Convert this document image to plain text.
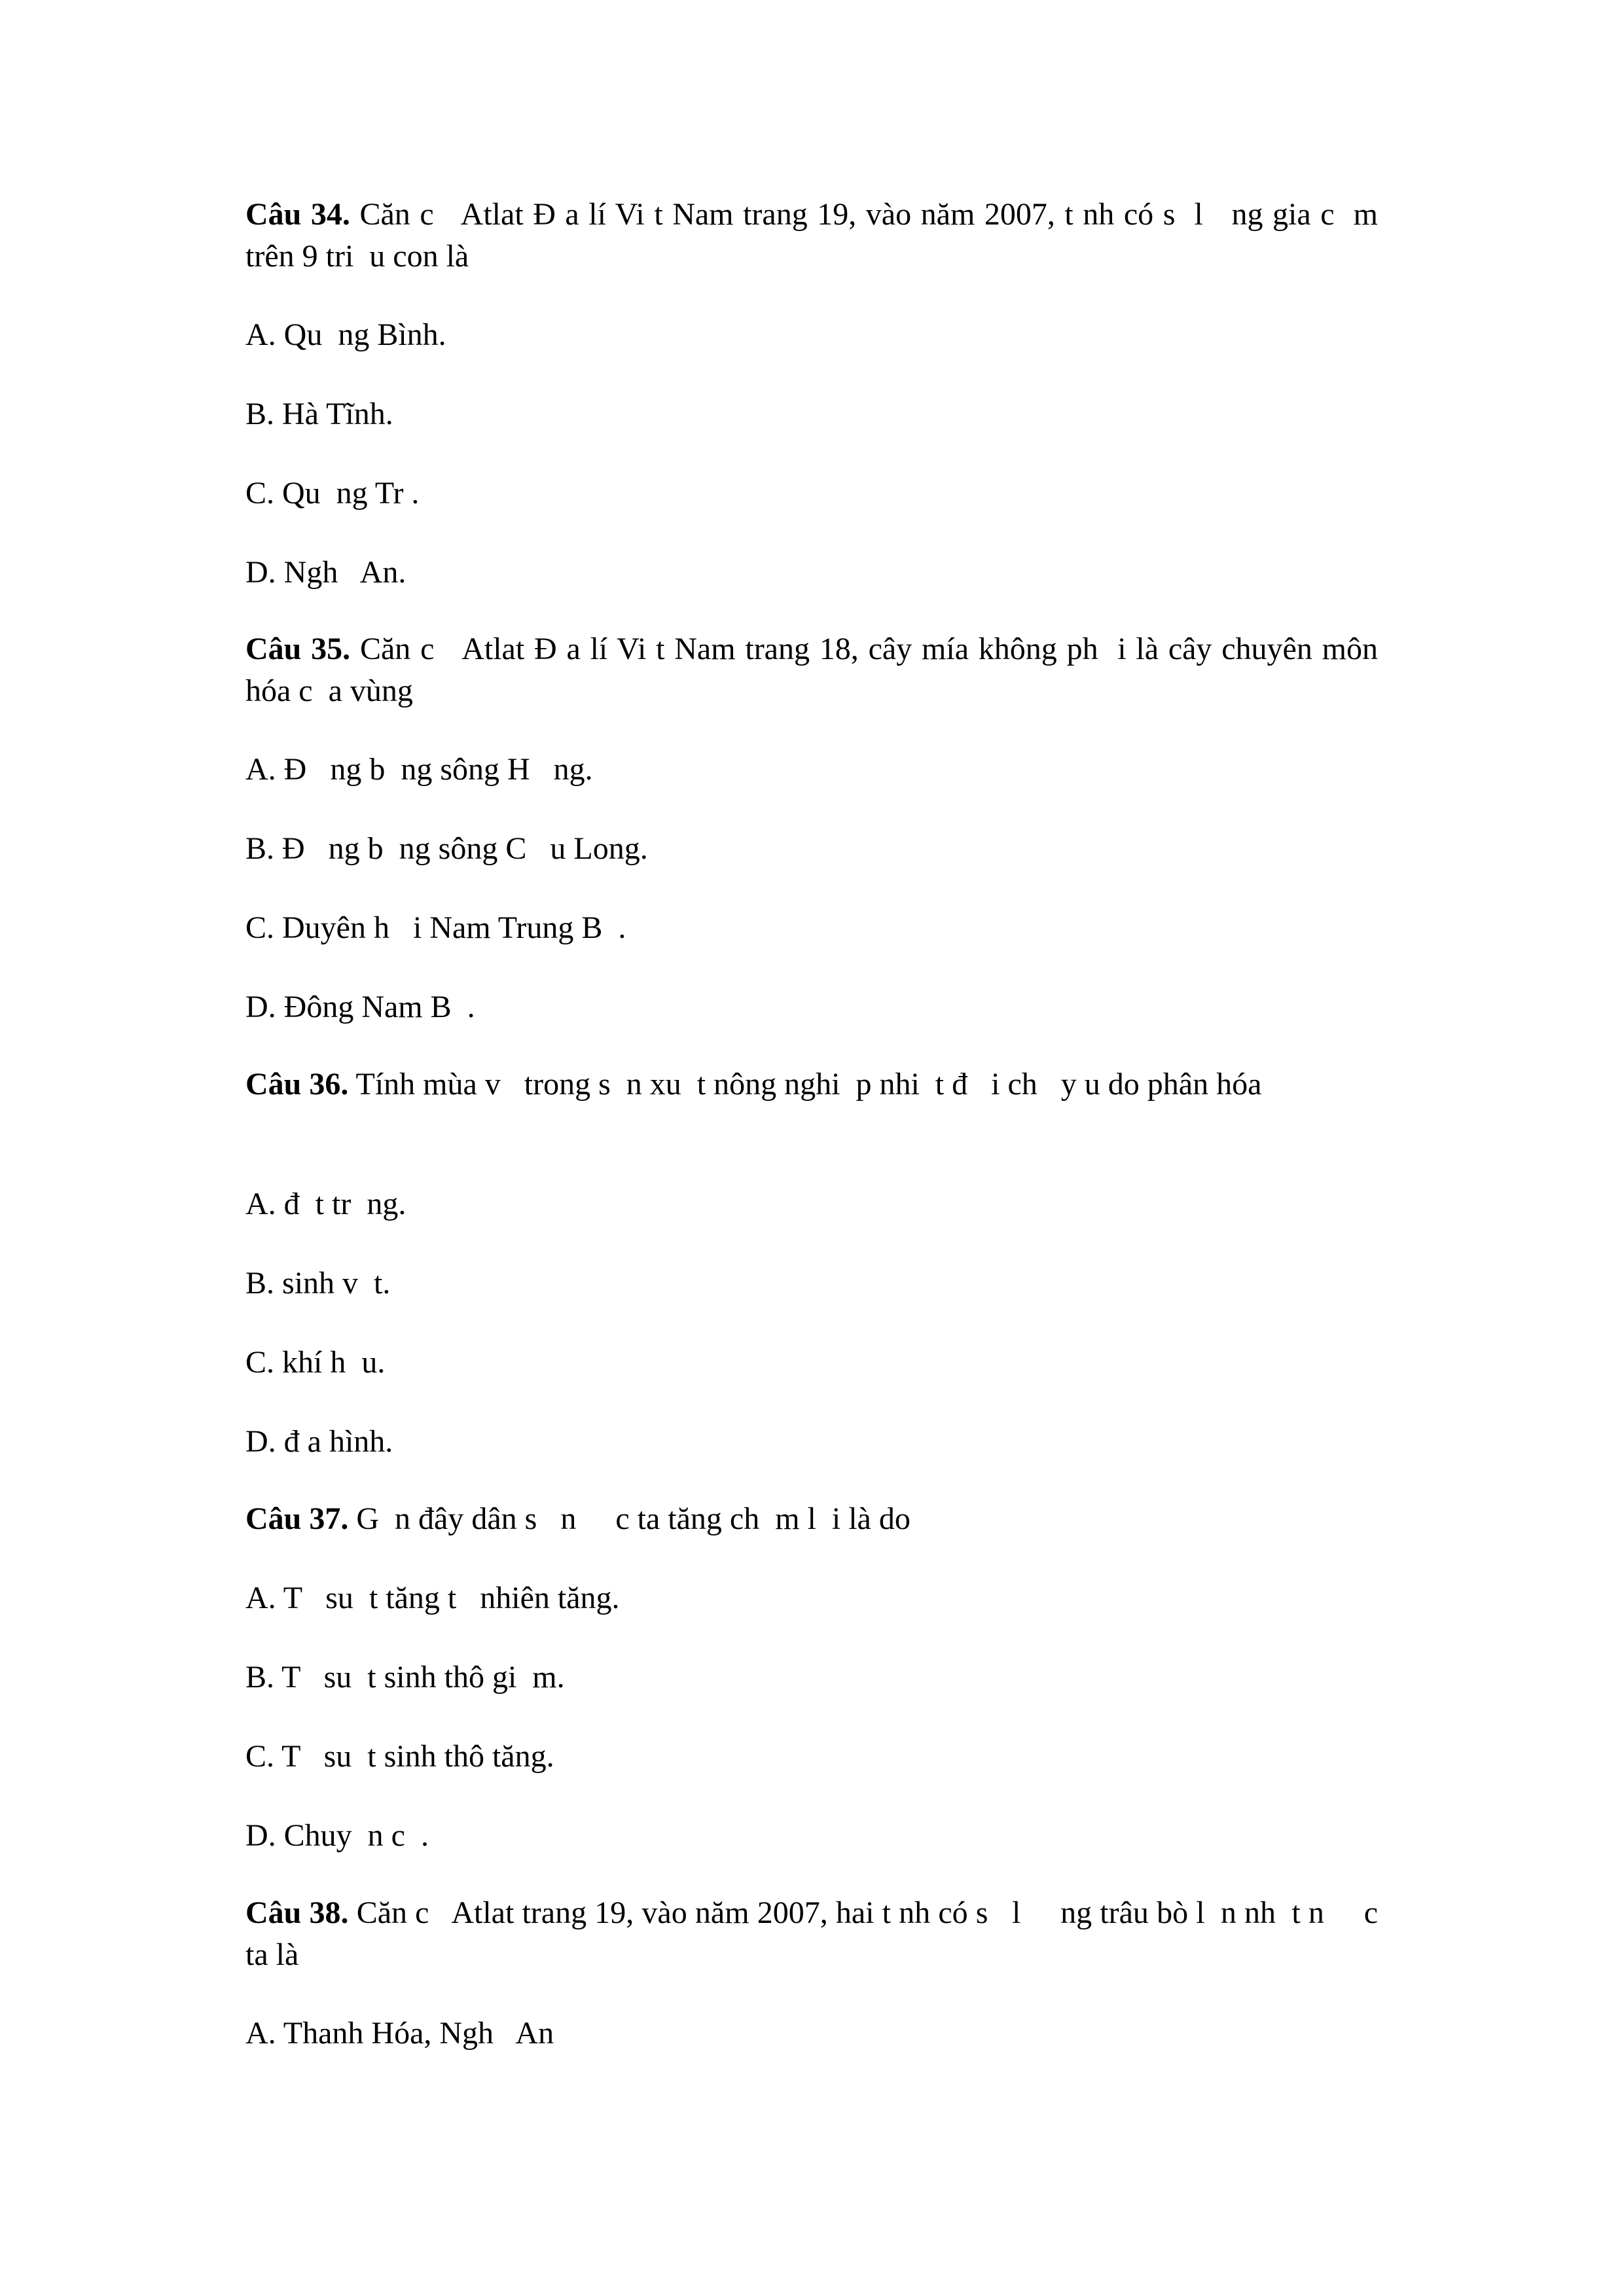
Câu 34. Căn c   Atlat Đ a lí Vi t Nam trang 19, vào năm 2007, t nh có s  l   ng gia c  m trên 9 tri  u con là

A. Qu  ng Bình.

B. Hà Tĩnh.

C. Qu  ng Tr .

D. Ngh   An.

Câu 35. Căn c   Atlat Đ a lí Vi t Nam trang 18, cây mía không ph  i là cây chuyên môn hóa c  a vùng

A. Đ   ng b  ng sông H   ng.

B. Đ   ng b  ng sông C   u Long.

C. Duyên h   i Nam Trung B  .

D. Đông Nam B  .

Câu 36. Tính mùa v   trong s  n xu  t nông nghi  p nhi  t đ   i ch   y u do phân hóa

A. đ  t tr  ng.

B. sinh v  t.

C. khí h  u.

D. đ a hình.

Câu 37. G  n đây dân s   n     c ta tăng ch  m l  i là do

A. T   su  t tăng t   nhiên tăng.

B. T   su  t sinh thô gi  m.

C. T   su  t sinh thô tăng.

D. Chuy  n c  .

Câu 38. Căn c   Atlat trang 19, vào năm 2007, hai t nh có s   l     ng trâu bò l  n nh  t n     c ta là

A. Thanh Hóa, Ngh   An
